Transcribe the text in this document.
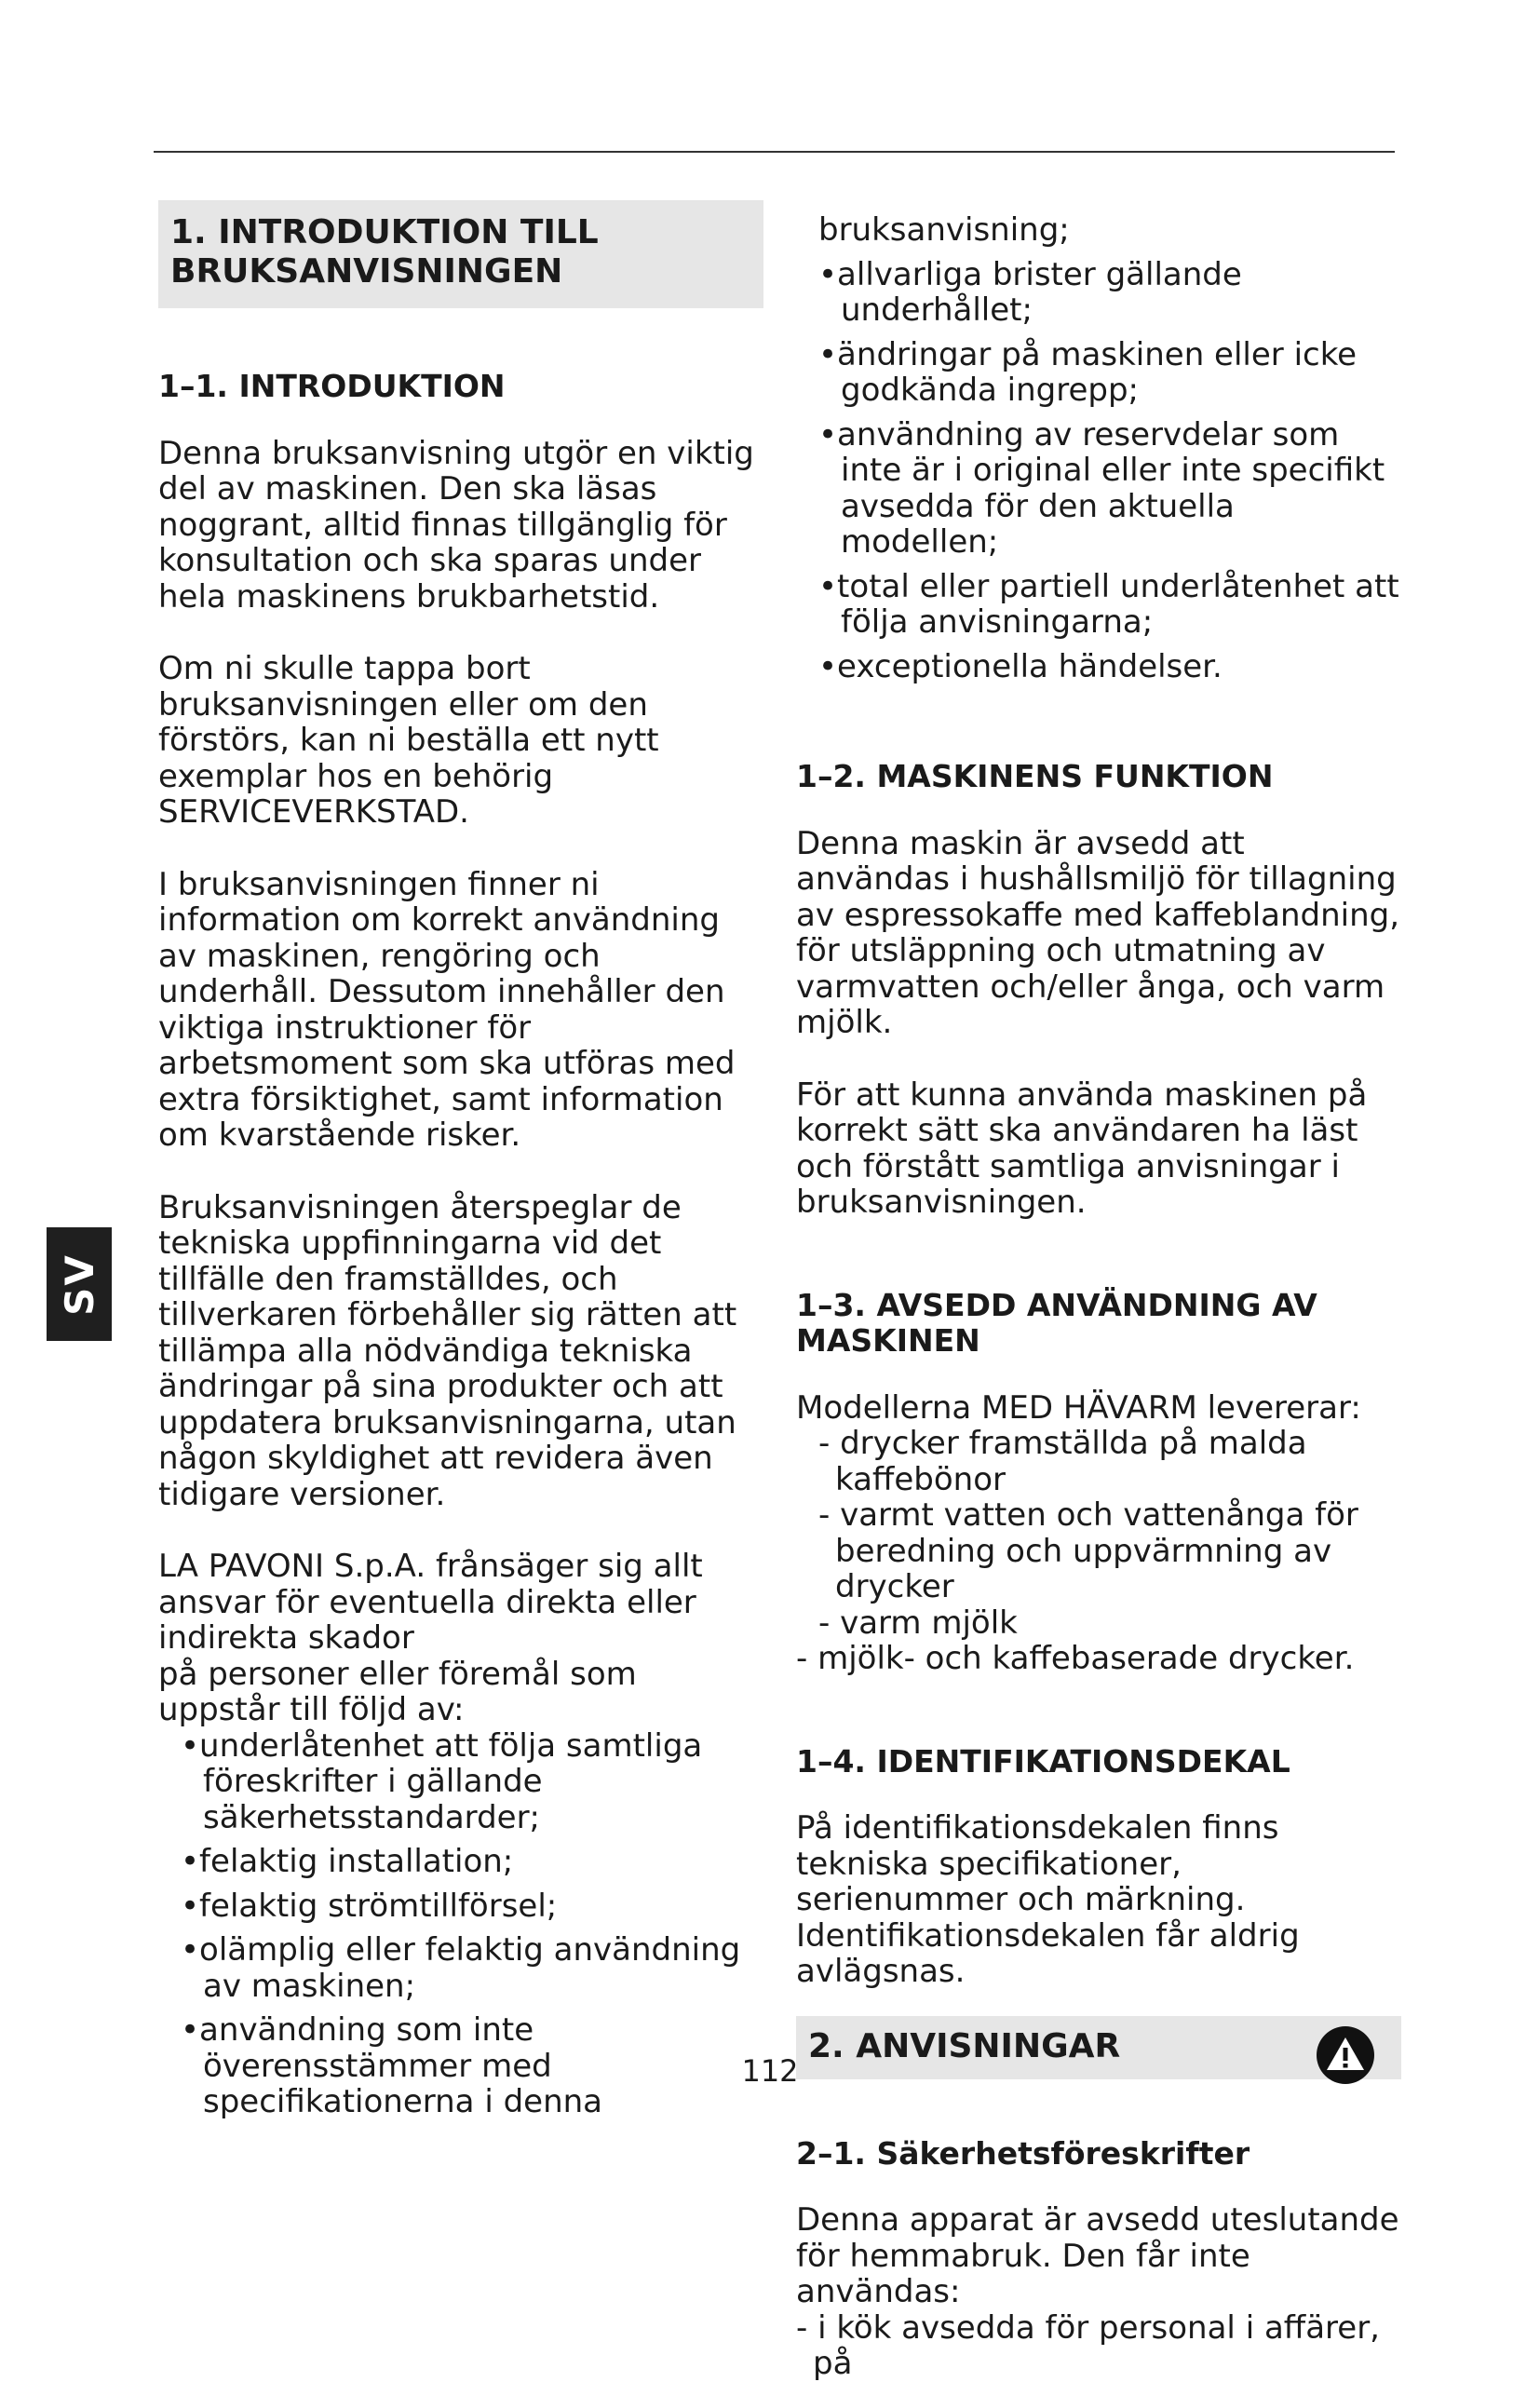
1. INTRODUKTION TILL BRUKSANVISNINGEN

1–1. INTRODUKTION

Denna bruksanvisning utgör en viktig del av maskinen. Den ska läsas noggrant, alltid finnas tillgänglig för konsultation och ska sparas under hela maskinens brukbarhetstid.

Om ni skulle tappa bort bruksanvisningen eller om den förstörs, kan ni beställa ett nytt exemplar hos en behörig SERVICEVERKSTAD.

I bruksanvisningen finner ni information om korrekt användning av maskinen, rengöring och underhåll. Dessutom innehåller den viktiga instruktioner för arbetsmoment som ska utföras med extra försiktighet, samt information om kvarstående risker.

Bruksanvisningen återspeglar de tekniska uppfinningarna vid det tillfälle den framställdes, och tillverkaren förbehåller sig rätten att tillämpa alla nödvändiga tekniska ändringar på sina produkter och att uppdatera bruksanvisningarna, utan någon skyldighet att revidera även tidigare versioner.

LA PAVONI S.p.A. frånsäger sig allt ansvar för eventuella direkta eller indirekta skador

på personer eller föremål som uppstår till följd av:

•underlåtenhet att följa samtliga föreskrifter i gällande säkerhetsstandarder;

•felaktig installation;

•felaktig strömtillförsel;

•olämplig eller felaktig användning av maskinen;

•användning som inte överensstämmer med specifikationerna i denna

bruksanvisning;

•allvarliga brister gällande underhållet;

•ändringar på maskinen eller icke godkända ingrepp;

•användning av reservdelar som inte är i original eller inte specifikt avsedda för den aktuella modellen;

•total eller partiell underlåtenhet att följa anvisningarna;

•exceptionella händelser.

1–2. MASKINENS FUNKTION

Denna maskin är avsedd att användas i hushållsmiljö för tillagning av espressokaffe med kaffeblandning, för utsläppning och utmatning av varmvatten och/eller ånga, och varm mjölk.

För att kunna använda maskinen på korrekt sätt ska användaren ha läst och förstått samtliga anvisningar i bruksanvisningen.

1–3. AVSEDD ANVÄNDNING AV MASKINEN

Modellerna MED HÄVARM levererar:

- drycker framställda på malda kaffebönor

- varmt vatten och vattenånga för beredning och uppvärmning av drycker

- varm mjölk

- mjölk- och kaffebaserade drycker.

1–4. IDENTIFIKATIONSDEKAL

På identifikationsdekalen finns tekniska specifikationer, serienummer och märkning. Identifikationsdekalen får aldrig avlägsnas.

2. ANVISNINGAR

2–1. Säkerhetsföreskrifter

Denna apparat är avsedd uteslutande för hemmabruk. Den får inte användas:

- i kök avsedda för personal i affärer, på

SV
112
